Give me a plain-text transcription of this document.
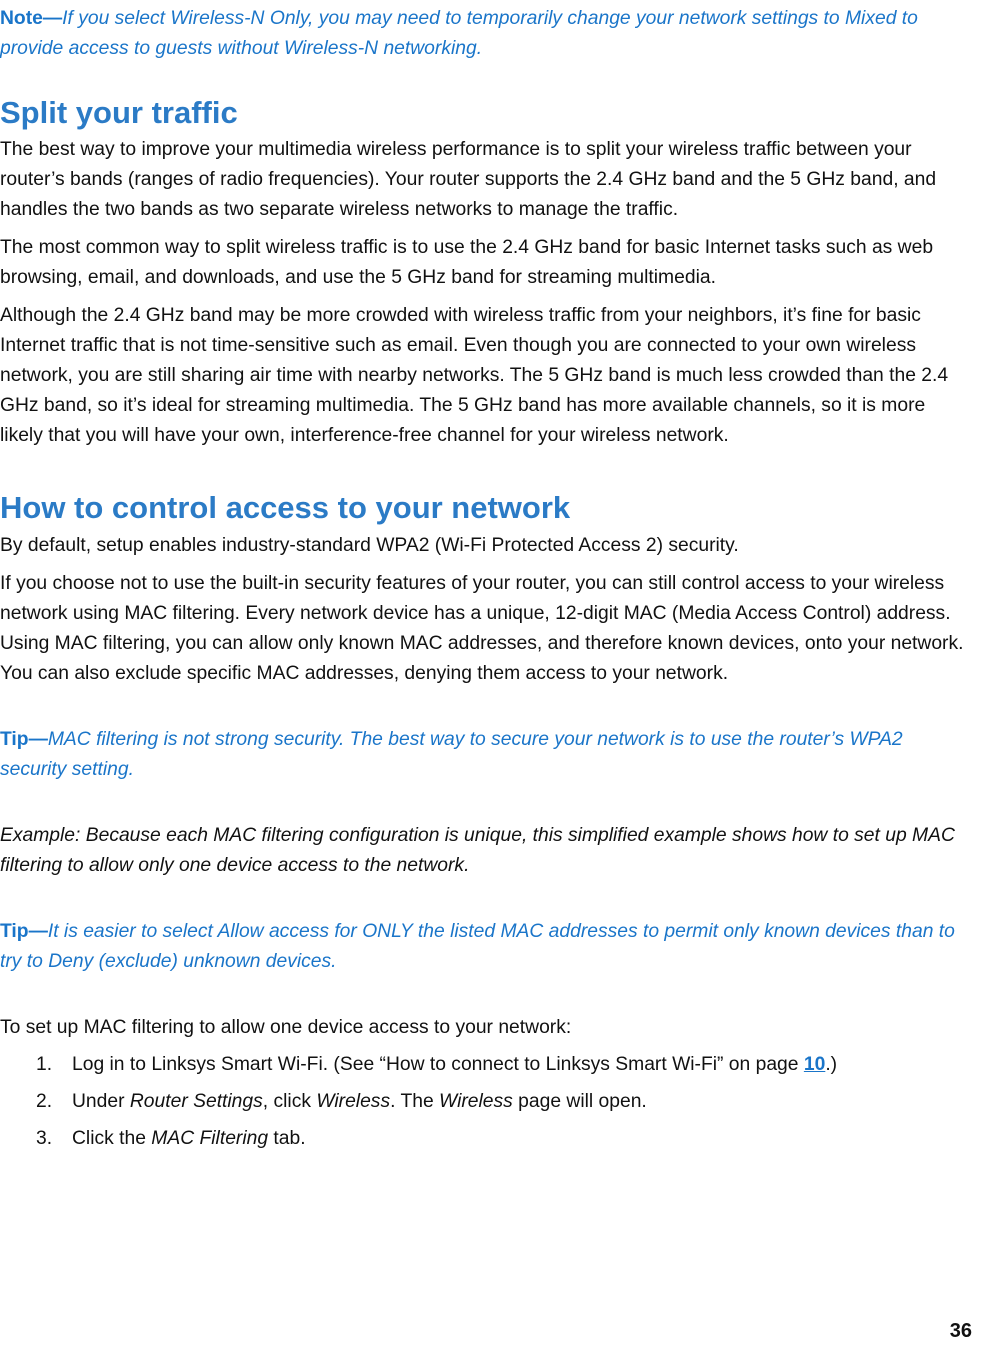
Note—If you select Wireless-N Only, you may need to temporarily change your network settings to Mixed to provide access to guests without Wireless-N networking.

Split your traffic

The best way to improve your multimedia wireless performance is to split your wireless traffic between your router’s bands (ranges of radio frequencies). Your router supports the 2.4 GHz band and the 5 GHz band, and handles the two bands as two separate wireless networks to manage the traffic.

The most common way to split wireless traffic is to use the 2.4 GHz band for basic Internet tasks such as web browsing, email, and downloads, and use the 5 GHz band for streaming multimedia.

Although the 2.4 GHz band may be more crowded with wireless traffic from your neighbors, it’s fine for basic Internet traffic that is not time-sensitive such as email. Even though you are connected to your own wireless network, you are still sharing air time with nearby networks. The 5 GHz band is much less crowded than the 2.4 GHz band, so it’s ideal for streaming multimedia. The 5 GHz band has more available channels, so it is more likely that you will have your own, interference-free channel for your wireless network.

How to control access to your network

By default, setup enables industry-standard WPA2 (Wi-Fi Protected Access 2) security.

If you choose not to use the built-in security features of your router, you can still control access to your wireless network using MAC filtering. Every network device has a unique, 12-digit MAC (Media Access Control) address. Using MAC filtering, you can allow only known MAC addresses, and therefore known devices, onto your network. You can also exclude specific MAC addresses, denying them access to your network.

Tip—MAC filtering is not strong security. The best way to secure your network is to use the router’s WPA2 security setting.

Example: Because each MAC filtering configuration is unique, this simplified example shows how to set up MAC filtering to allow only one device access to the network.

Tip—It is easier to select Allow access for ONLY the listed MAC addresses to permit only known devices than to try to Deny (exclude) unknown devices.

To set up MAC filtering to allow one device access to your network:

1. Log in to Linksys Smart Wi-Fi. (See “How to connect to Linksys Smart Wi-Fi” on page 10.)
2. Under Router Settings, click Wireless. The Wireless page will open.
3. Click the MAC Filtering tab.
36
